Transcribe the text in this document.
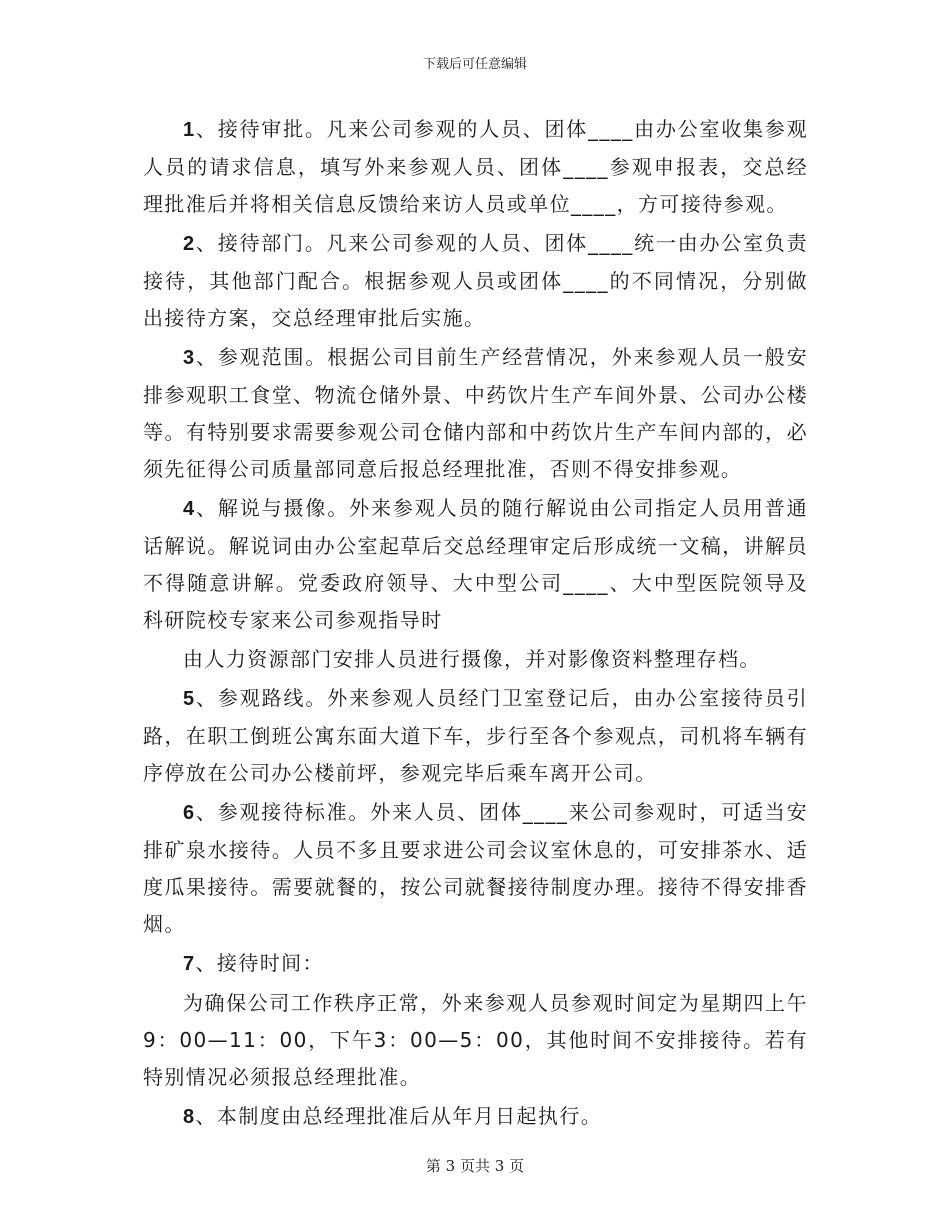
下载后可任意编辑

1、接待审批。凡来公司参观的人员、团体____由办公室收集参观人员的请求信息，填写外来参观人员、团体____参观申报表，交总经理批准后并将相关信息反馈给来访人员或单位____，方可接待参观。

2、接待部门。凡来公司参观的人员、团体____统一由办公室负责接待，其他部门配合。根据参观人员或团体____的不同情况，分别做出接待方案，交总经理审批后实施。

3、参观范围。根据公司目前生产经营情况，外来参观人员一般安排参观职工食堂、物流仓储外景、中药饮片生产车间外景、公司办公楼等。有特别要求需要参观公司仓储内部和中药饮片生产车间内部的，必须先征得公司质量部同意后报总经理批准，否则不得安排参观。

4、解说与摄像。外来参观人员的随行解说由公司指定人员用普通话解说。解说词由办公室起草后交总经理审定后形成统一文稿，讲解员不得随意讲解。党委政府领导、大中型公司____、大中型医院领导及科研院校专家来公司参观指导时

由人力资源部门安排人员进行摄像，并对影像资料整理存档。

5、参观路线。外来参观人员经门卫室登记后，由办公室接待员引路，在职工倒班公寓东面大道下车，步行至各个参观点，司机将车辆有序停放在公司办公楼前坪，参观完毕后乘车离开公司。

6、参观接待标准。外来人员、团体____来公司参观时，可适当安排矿泉水接待。人员不多且要求进公司会议室休息的，可安排茶水、适度瓜果接待。需要就餐的，按公司就餐接待制度办理。接待不得安排香烟。

7、接待时间：

为确保公司工作秩序正常，外来参观人员参观时间定为星期四上午9：00—11：00，下午3：00—5：00，其他时间不安排接待。若有特别情况必须报总经理批准。

8、本制度由总经理批准后从年月日起执行。

第 3 页共 3 页
